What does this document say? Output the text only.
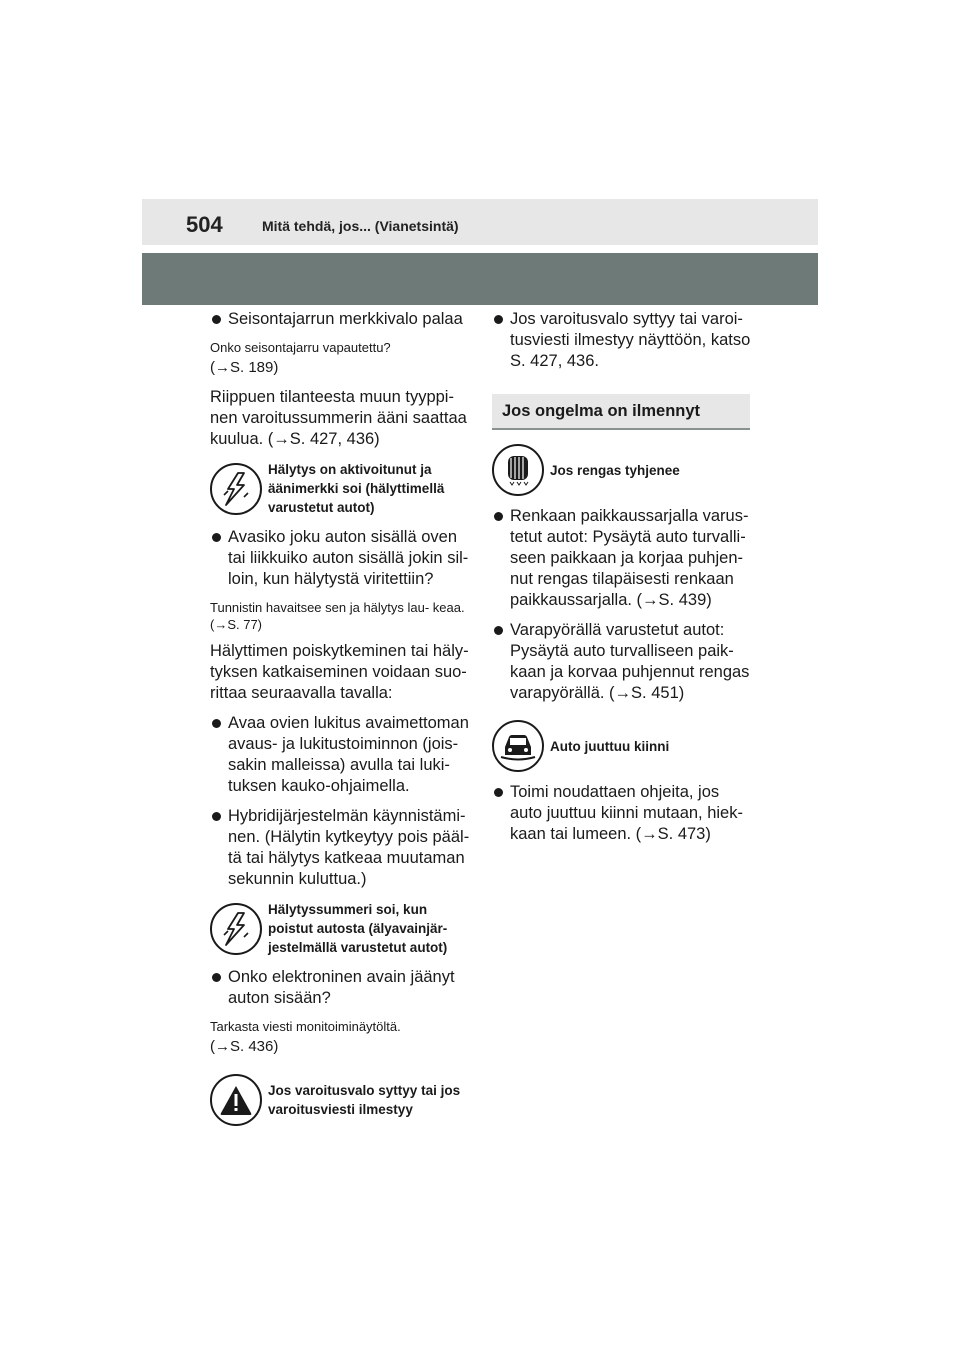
504	Mitä tehdä, jos... (Vianetsintä)
Seisontajarrun merkkivalo palaa
Onko seisontajarru vapautettu?
(→S. 189)
Riippuen tilanteesta muun tyyppi- nen varoitussummerin ääni saattaa kuulua. (→S. 427, 436)
Hälytys on aktivoitunut ja äänimerkki soi (hälyttimellä varustetut autot)
Avasiko joku auton sisällä oven tai liikkuiko auton sisällä jokin sil- loin, kun hälytystä viritettiin?
Tunnistin havaitsee sen ja hälytys lau- keaa. (→S. 77)
Hälyttimen poiskytkeminen tai häly- tyksen katkaiseminen voidaan suo- rittaa seuraavalla tavalla:
Avaa ovien lukitus avaimettoman avaus- ja lukitustoiminnon (jois- sakin malleissa) avulla tai luki- tuksen kauko-ohjaimella.
Hybridijärjestelmän käynnistämi- nen. (Hälytin kytkeytyy pois pääl- tä tai hälytys katkeaa muutaman sekunnin kuluttua.)
Hälytyssummeri soi, kun poistut autosta (älyavainjär- jestelmällä varustetut autot)
Onko elektroninen avain jäänyt auton sisään?
Tarkasta viesti monitoiminäytöltä.
(→S. 436)
Jos varoitusvalo syttyy tai jos varoitusviesti ilmestyy
Jos varoitusvalo syttyy tai varoi- tusviesti ilmestyy näyttöön, katso S. 427, 436.
Jos ongelma on ilmennyt
Jos rengas tyhjenee
Renkaan paikkaussarjalla varus- tetut autot: Pysäytä auto turvalli- seen paikkaan ja korjaa puhjen- nut rengas tilapäisesti renkaan paikkaussarjalla. (→S. 439)
Varapyörällä varustetut autot: Pysäytä auto turvalliseen paik- kaan ja korvaa puhjennut rengas varapyörällä. (→S. 451)
Auto juuttuu kiinni
Toimi noudattaen ohjeita, jos auto juuttuu kiinni mutaan, hiek- kaan tai lumeen. (→S. 473)
